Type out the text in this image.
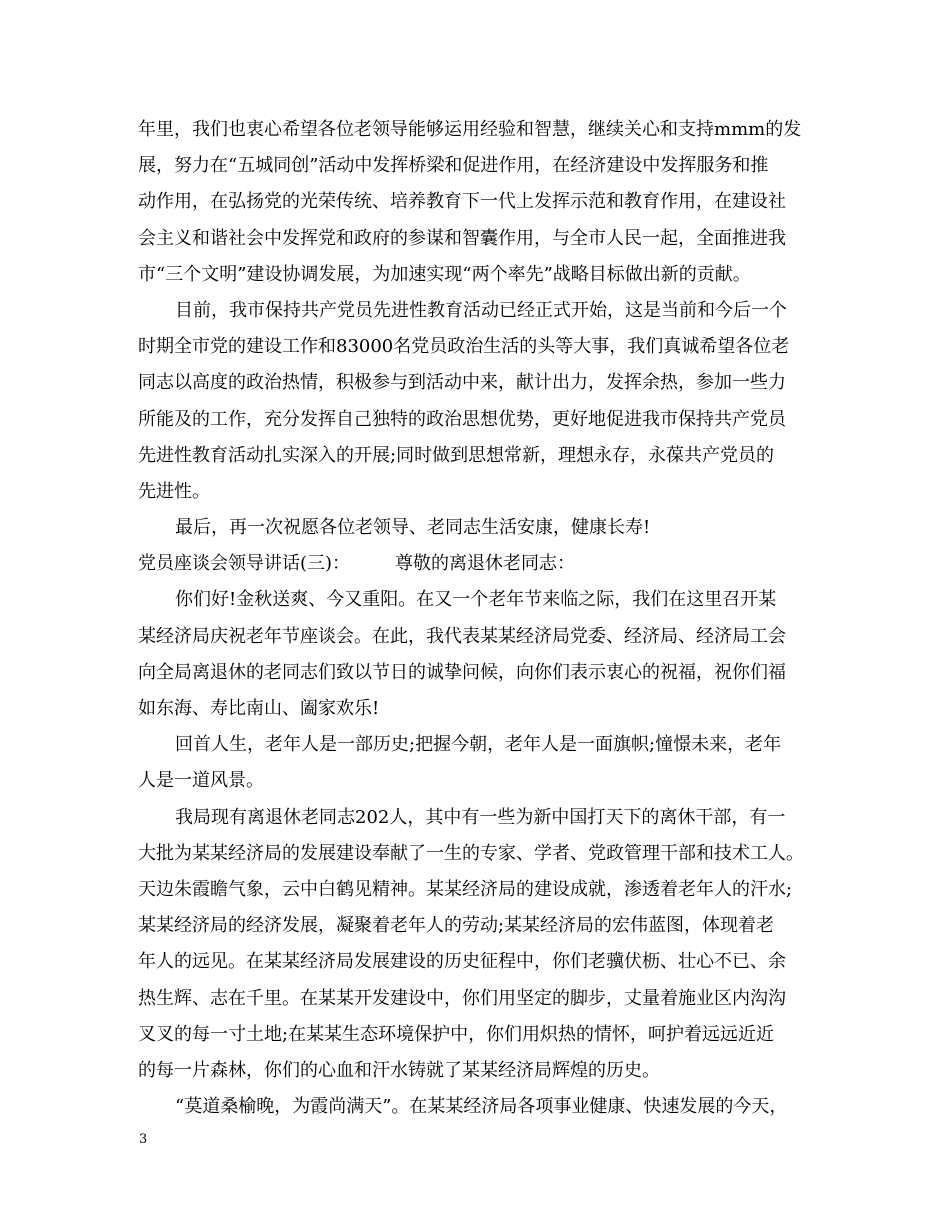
年里，我们也衷心希望各位老领导能够运用经验和智慧，继续关心和支持mmm的发
展，努力在“五城同创”活动中发挥桥梁和促进作用，在经济建设中发挥服务和推
动作用，在弘扬党的光荣传统、培养教育下一代上发挥示范和教育作用，在建设社
会主义和谐社会中发挥党和政府的参谋和智囊作用，与全市人民一起，全面推进我
市“三个文明”建设协调发展，为加速实现“两个率先”战略目标做出新的贡献。
目前，我市保持共产党员先进性教育活动已经正式开始，这是当前和今后一个
时期全市党的建设工作和83000名党员政治生活的头等大事，我们真诚希望各位老
同志以高度的政治热情，积极参与到活动中来，献计出力，发挥余热，参加一些力
所能及的工作，充分发挥自己独特的政治思想优势，更好地促进我市保持共产党员
先进性教育活动扎实深入的开展;同时做到思想常新，理想永存，永葆共产党员的
先进性。
最后，再一次祝愿各位老领导、老同志生活安康，健康长寿!
党员座谈会领导讲话(三)：　　　尊敬的离退休老同志：
你们好!金秋送爽、今又重阳。在又一个老年节来临之际，我们在这里召开某
某经济局庆祝老年节座谈会。在此，我代表某某经济局党委、经济局、经济局工会
向全局离退休的老同志们致以节日的诚挚问候，向你们表示衷心的祝福，祝你们福
如东海、寿比南山、阖家欢乐!
回首人生，老年人是一部历史;把握今朝，老年人是一面旗帜;憧憬未来，老年
人是一道风景。
我局现有离退休老同志202人，其中有一些为新中国打天下的离休干部，有一
大批为某某经济局的发展建设奉献了一生的专家、学者、党政管理干部和技术工人。
天边朱霞瞻气象，云中白鹤见精神。某某经济局的建设成就，渗透着老年人的汗水;
某某经济局的经济发展，凝聚着老年人的劳动;某某经济局的宏伟蓝图，体现着老
年人的远见。在某某经济局发展建设的历史征程中，你们老骥伏枥、壮心不已、余
热生辉、志在千里。在某某开发建设中，你们用坚定的脚步，丈量着施业区内沟沟
叉叉的每一寸土地;在某某生态环境保护中，你们用炽热的情怀，呵护着远远近近
的每一片森林，你们的心血和汗水铸就了某某经济局辉煌的历史。
“莫道桑榆晚，为霞尚满天”。在某某经济局各项事业健康、快速发展的今天，
3
